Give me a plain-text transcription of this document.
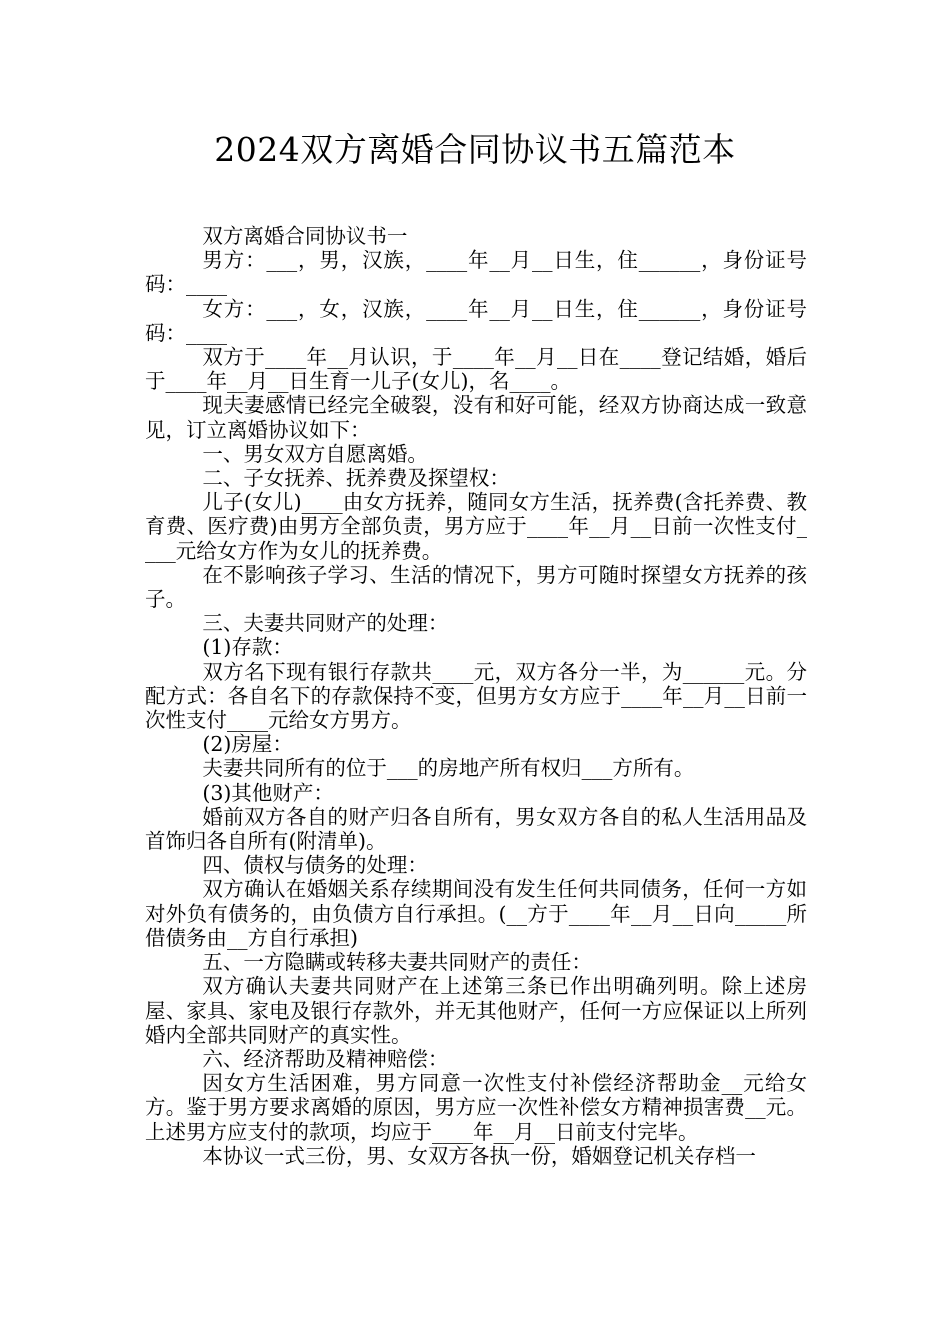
2024双方离婚合同协议书五篇范本

双方离婚合同协议书一

男方：___，男，汉族，____年__月__日生，住______，身份证号码：____

女方：___，女，汉族，____年__月__日生，住______，身份证号码：____

双方于____年__月认识，于____年__月__日在____登记结婚，婚后于____年__月__日生育一儿子(女儿)，名____。

现夫妻感情已经完全破裂，没有和好可能，经双方协商达成一致意见，订立离婚协议如下：

一、男女双方自愿离婚。

二、子女抚养、抚养费及探望权：

儿子(女儿)____由女方抚养，随同女方生活，抚养费(含托养费、教育费、医疗费)由男方全部负责，男方应于____年__月__日前一次性支付____元给女方作为女儿的抚养费。

在不影响孩子学习、生活的情况下，男方可随时探望女方抚养的孩子。

三、夫妻共同财产的处理：

(1)存款：

双方名下现有银行存款共____元，双方各分一半，为______元。分配方式：各自名下的存款保持不变，但男方女方应于____年__月__日前一次性支付____元给女方男方。

(2)房屋：

夫妻共同所有的位于___的房地产所有权归___方所有。

(3)其他财产：

婚前双方各自的财产归各自所有，男女双方各自的私人生活用品及首饰归各自所有(附清单)。

四、债权与债务的处理：

双方确认在婚姻关系存续期间没有发生任何共同债务，任何一方如对外负有债务的，由负债方自行承担。(__方于____年__月__日向_____所借债务由__方自行承担)

五、一方隐瞒或转移夫妻共同财产的责任：

双方确认夫妻共同财产在上述第三条已作出明确列明。除上述房屋、家具、家电及银行存款外，并无其他财产，任何一方应保证以上所列婚内全部共同财产的真实性。

六、经济帮助及精神赔偿：

因女方生活困难，男方同意一次性支付补偿经济帮助金__元给女方。鉴于男方要求离婚的原因，男方应一次性补偿女方精神损害费__元。上述男方应支付的款项，均应于____年__月__日前支付完毕。

本协议一式三份，男、女双方各执一份，婚姻登记机关存档一
